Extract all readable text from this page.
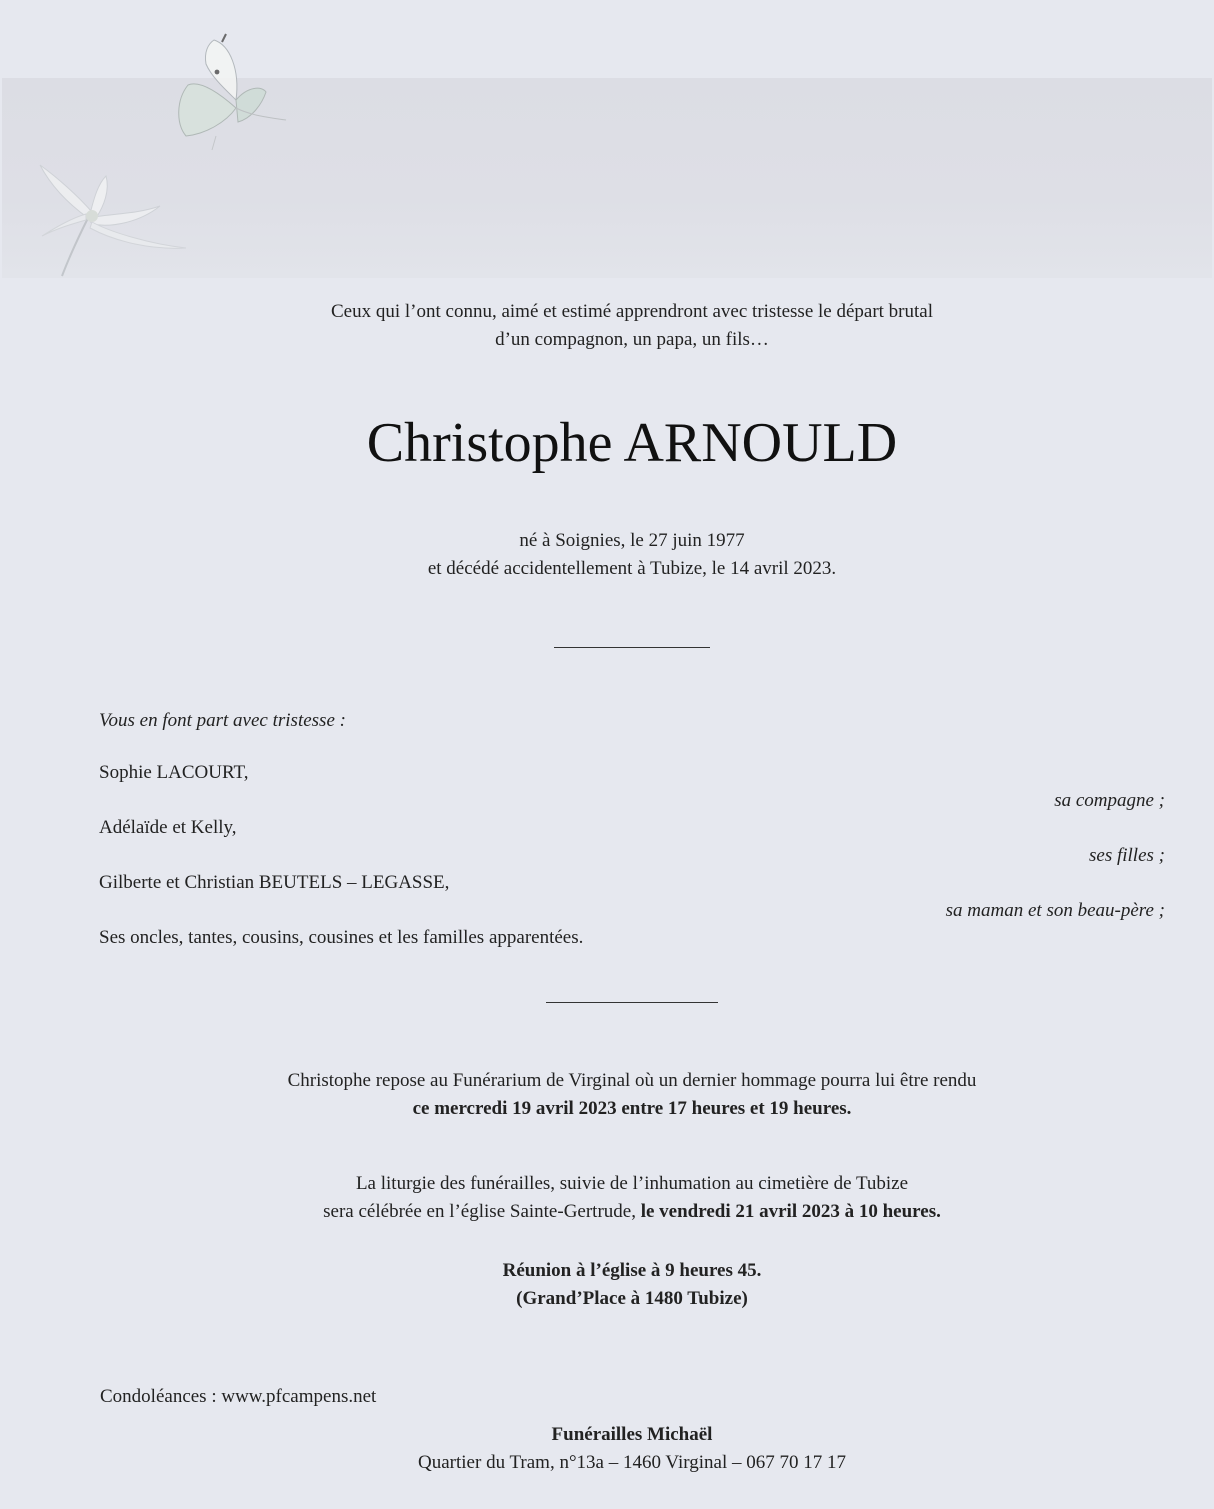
Ceux qui l’ont connu, aimé et estimé apprendront avec tristesse le départ brutal
d’un compagnon, un papa, un fils…
Christophe ARNOULD
né à Soignies, le 27 juin 1977
et décédé accidentellement à Tubize, le 14 avril 2023.
Vous en font part avec tristesse :
Sophie LACOURT,
sa compagne ;
Adélaïde et Kelly,
ses filles ;
Gilberte et Christian BEUTELS – LEGASSE,
sa maman et son beau-père ;
Ses oncles, tantes, cousins, cousines et les familles apparentées.
Christophe repose au Funérarium de Virginal où un dernier hommage pourra lui être rendu
ce mercredi 19 avril 2023 entre 17 heures et 19 heures.
La liturgie des funérailles, suivie de l’inhumation au cimetière de Tubize
sera célébrée en l’église Sainte-Gertrude, le vendredi 21 avril 2023 à 10 heures.
Réunion à l’église à 9 heures 45.
(Grand’Place à 1480 Tubize)
Condoléances : www.pfcampens.net
Funérailles Michaël
Quartier du Tram, n°13a – 1460 Virginal – 067 70 17 17
